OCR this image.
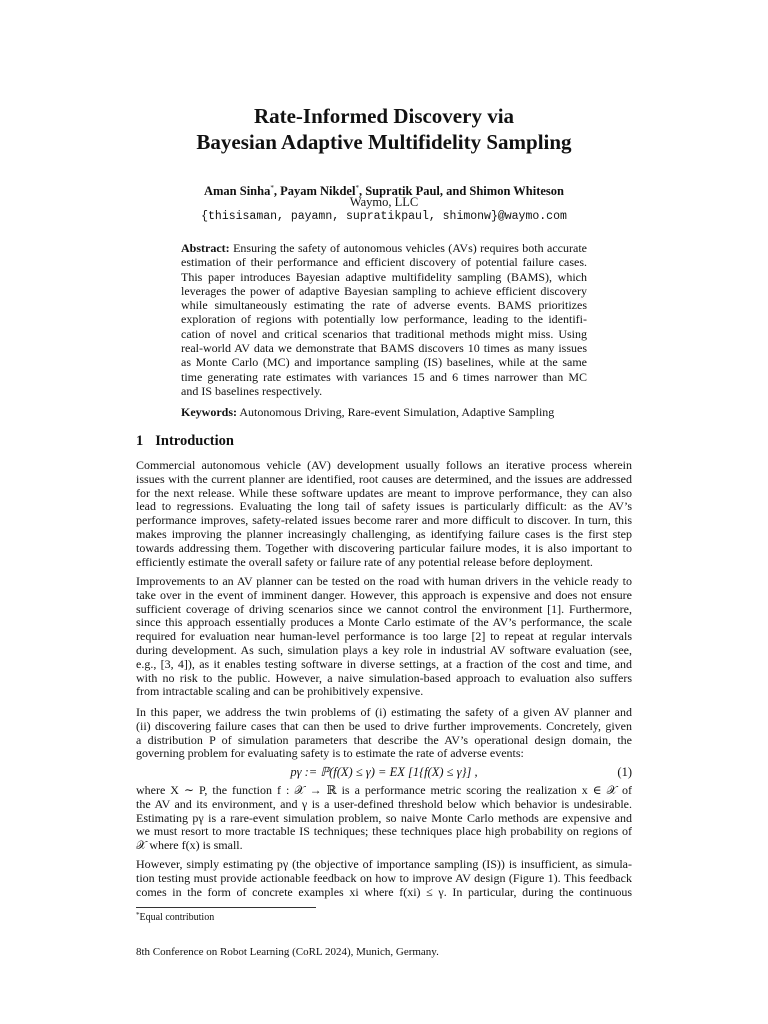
Rate-Informed Discovery via
Bayesian Adaptive Multifidelity Sampling
Aman Sinha*, Payam Nikdel*, Supratik Paul, and Shimon Whiteson
Waymo, LLC
{thisisaman, payamn, supratikpaul, shimonw}@waymo.com
Abstract: Ensuring the safety of autonomous vehicles (AVs) requires both accurate
estimation of their performance and efficient discovery of potential failure cases.
This paper introduces Bayesian adaptive multifidelity sampling (BAMS), which
leverages the power of adaptive Bayesian sampling to achieve efficient discovery
while simultaneously estimating the rate of adverse events. BAMS prioritizes
exploration of regions with potentially low performance, leading to the identifi-
cation of novel and critical scenarios that traditional methods might miss. Using
real-world AV data we demonstrate that BAMS discovers 10 times as many issues
as Monte Carlo (MC) and importance sampling (IS) baselines, while at the same
time generating rate estimates with variances 15 and 6 times narrower than MC
and IS baselines respectively.
Keywords: Autonomous Driving, Rare-event Simulation, Adaptive Sampling
1 Introduction
Commercial autonomous vehicle (AV) development usually follows an iterative process wherein
issues with the current planner are identified, root causes are determined, and the issues are addressed
for the next release. While these software updates are meant to improve performance, they can also
lead to regressions. Evaluating the long tail of safety issues is particularly difficult: as the AV’s
performance improves, safety-related issues become rarer and more difficult to discover. In turn, this
makes improving the planner increasingly challenging, as identifying failure cases is the first step
towards addressing them. Together with discovering particular failure modes, it is also important to
efficiently estimate the overall safety or failure rate of any potential release before deployment.
Improvements to an AV planner can be tested on the road with human drivers in the vehicle ready to
take over in the event of imminent danger. However, this approach is expensive and does not ensure
sufficient coverage of driving scenarios since we cannot control the environment [1]. Furthermore,
since this approach essentially produces a Monte Carlo estimate of the AV’s performance, the scale
required for evaluation near human-level performance is too large [2] to repeat at regular intervals
during development. As such, simulation plays a key role in industrial AV software evaluation (see,
e.g., [3, 4]), as it enables testing software in diverse settings, at a fraction of the cost and time, and
with no risk to the public. However, a naive simulation-based approach to evaluation also suffers
from intractable scaling and can be prohibitively expensive.
In this paper, we address the twin problems of (i) estimating the safety of a given AV planner and
(ii) discovering failure cases that can then be used to drive further improvements. Concretely, given
a distribution P of simulation parameters that describe the AV’s operational design domain, the
governing problem for evaluating safety is to estimate the rate of adverse events:
pγ := ℙ(f(X) ≤ γ) = EX [1{f(X) ≤ γ}] ,	(1)
where X ∼ P, the function f : 𝒳 → ℝ is a performance metric scoring the realization x ∈ 𝒳 of
the AV and its environment, and γ is a user-defined threshold below which behavior is undesirable.
Estimating pγ is a rare-event simulation problem, so naive Monte Carlo methods are expensive and
we must resort to more tractable IS techniques; these techniques place high probability on regions of
𝒳 where f(x) is small.
However, simply estimating pγ (the objective of importance sampling (IS)) is insufficient, as simula-
tion testing must provide actionable feedback on how to improve AV design (Figure 1). This feedback
comes in the form of concrete examples xi where f(xi) ≤ γ. In particular, during the continuous
*Equal contribution
8th Conference on Robot Learning (CoRL 2024), Munich, Germany.
